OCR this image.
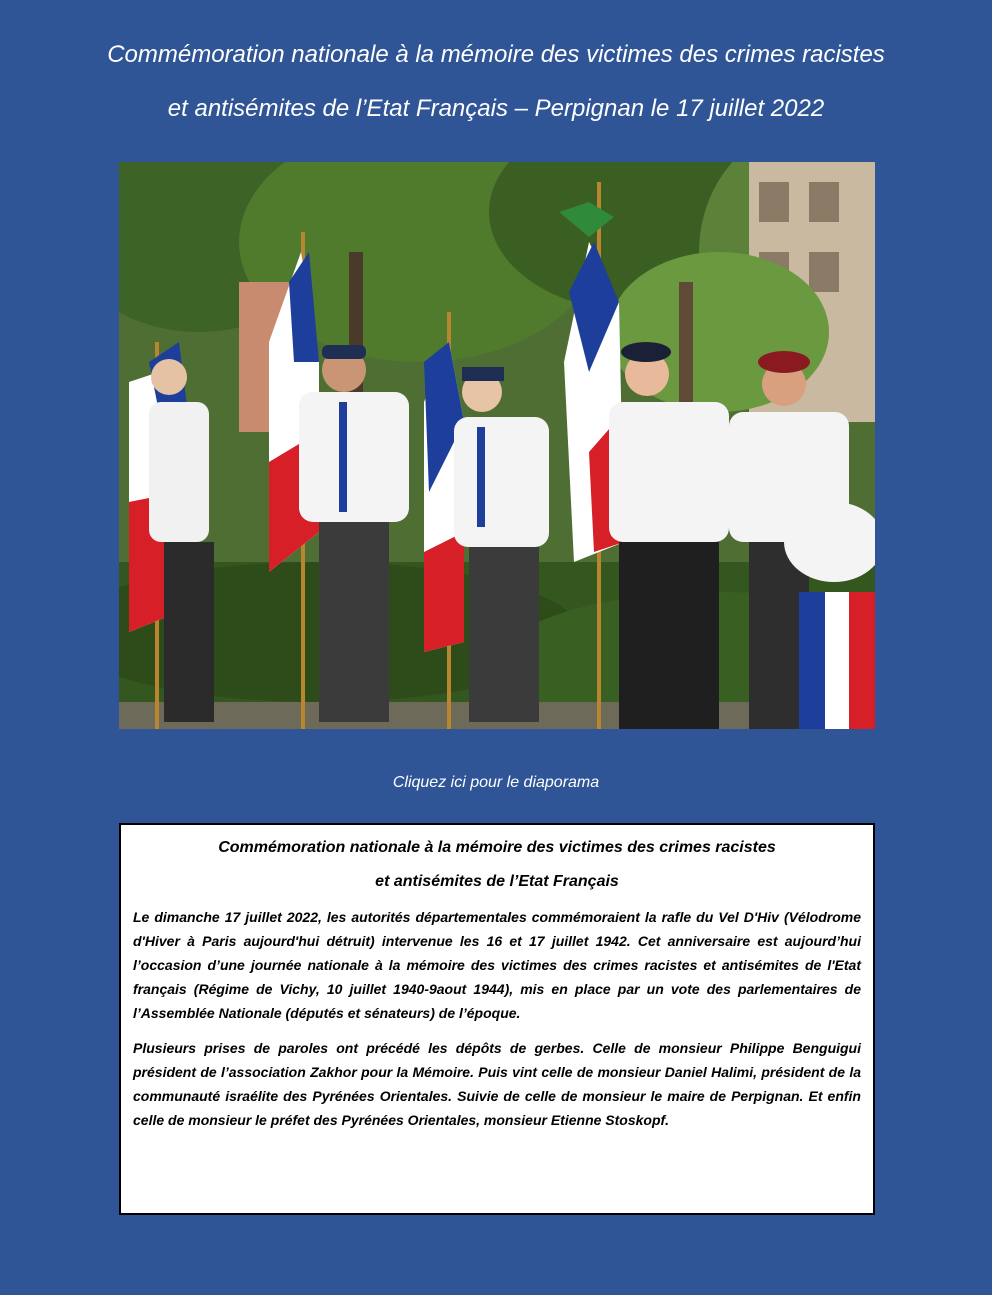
Commémoration nationale à la mémoire des victimes des crimes racistes
et antisémites de l’Etat Français – Perpignan le 17 juillet 2022
Cliquez ici pour le diaporama
Commémoration nationale à la mémoire des victimes des crimes racistes
et antisémites de l’Etat Français

Le dimanche 17 juillet 2022, les autorités départementales commémoraient la rafle du Vel D'Hiv (Vélodrome d'Hiver à Paris aujourd'hui détruit) intervenue les 16 et 17 juillet 1942. Cet anniversaire est aujourd’hui l’occasion d’une journée nationale à la mémoire des victimes des crimes racistes et antisémites de l'Etat français (Régime de Vichy, 10 juillet 1940-9aout 1944), mis en place par un vote des parlementaires de l’Assemblée Nationale (députés et sénateurs) de l’époque.

Plusieurs prises de paroles ont précédé les dépôts de gerbes. Celle de monsieur Philippe Benguigui président de l’association Zakhor pour la Mémoire. Puis vint celle de monsieur Daniel Halimi, président de la communauté israélite des Pyrénées Orientales. Suivie de celle de monsieur le maire de Perpignan. Et enfin celle de monsieur le préfet des Pyrénées Orientales, monsieur Etienne Stoskopf.
